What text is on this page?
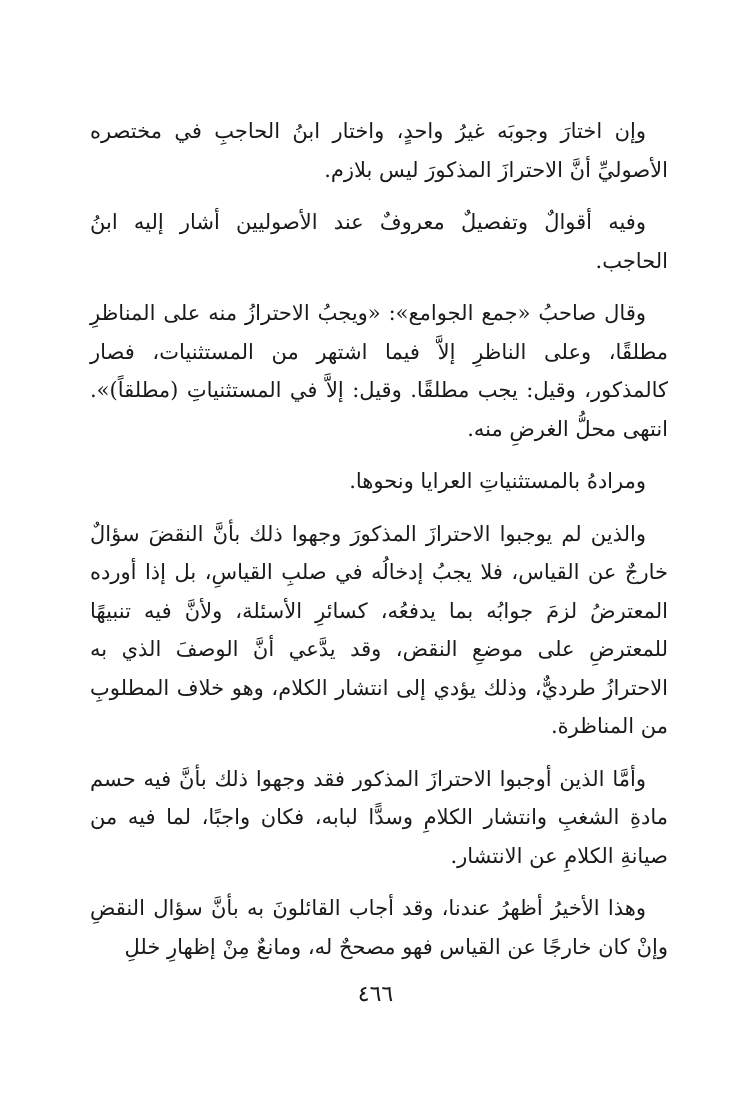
وإن اختارَ وجوبَه غيرُ واحدٍ، واختار ابنُ الحاجبِ في مختصره الأصوليِّ أنَّ الاحترازَ المذكورَ ليس بلازم.

وفيه أقوالٌ وتفصيلٌ معروفٌ عند الأصوليين أشار إليه ابنُ الحاجب.

وقال صاحبُ «جمع الجوامع»: «ويجبُ الاحترازُ منه على المناظرِ مطلقًا، وعلى الناظرِ إلاَّ فيما اشتهر من المستثنيات، فصار كالمذكور، وقيل: يجب مطلقًا. وقيل: إلاَّ في المستثنياتِ (مطلقاً)». انتهى محلُّ الغرضِ منه.

ومرادهُ بالمستثنياتِ العرايا ونحوها.

والذين لم يوجبوا الاحترازَ المذكورَ وجهوا ذلك بأنَّ النقضَ سؤالٌ خارجٌ عن القياس، فلا يجبُ إدخالُه في صلبِ القياسِ، بل إذا أورده المعترضُ لزمَ جوابُه بما يدفعُه، كسائرِ الأسئلة، ولأنَّ فيه تنبيهًا للمعترضِ على موضعِ النقض، وقد يدَّعي أنَّ الوصفَ الذي به الاحترازُ طرديٌّ، وذلك يؤدي إلى انتشار الكلام، وهو خلاف المطلوبِ من المناظرة.

وأمَّا الذين أوجبوا الاحترازَ المذكور فقد وجهوا ذلك بأنَّ فيه حسم مادةِ الشغبِ وانتشار الكلامِ وسدًّا لبابه، فكان واجبًا، لما فيه من صيانةِ الكلامِ عن الانتشار.

وهذا الأخيرُ أظهرُ عندنا، وقد أجاب القائلونَ به بأنَّ سؤال النقضِ وإنْ كان خارجًا عن القياس فهو مصححٌ له، ومانعٌ مِنْ إظهارِ خللِ

٤٦٦
